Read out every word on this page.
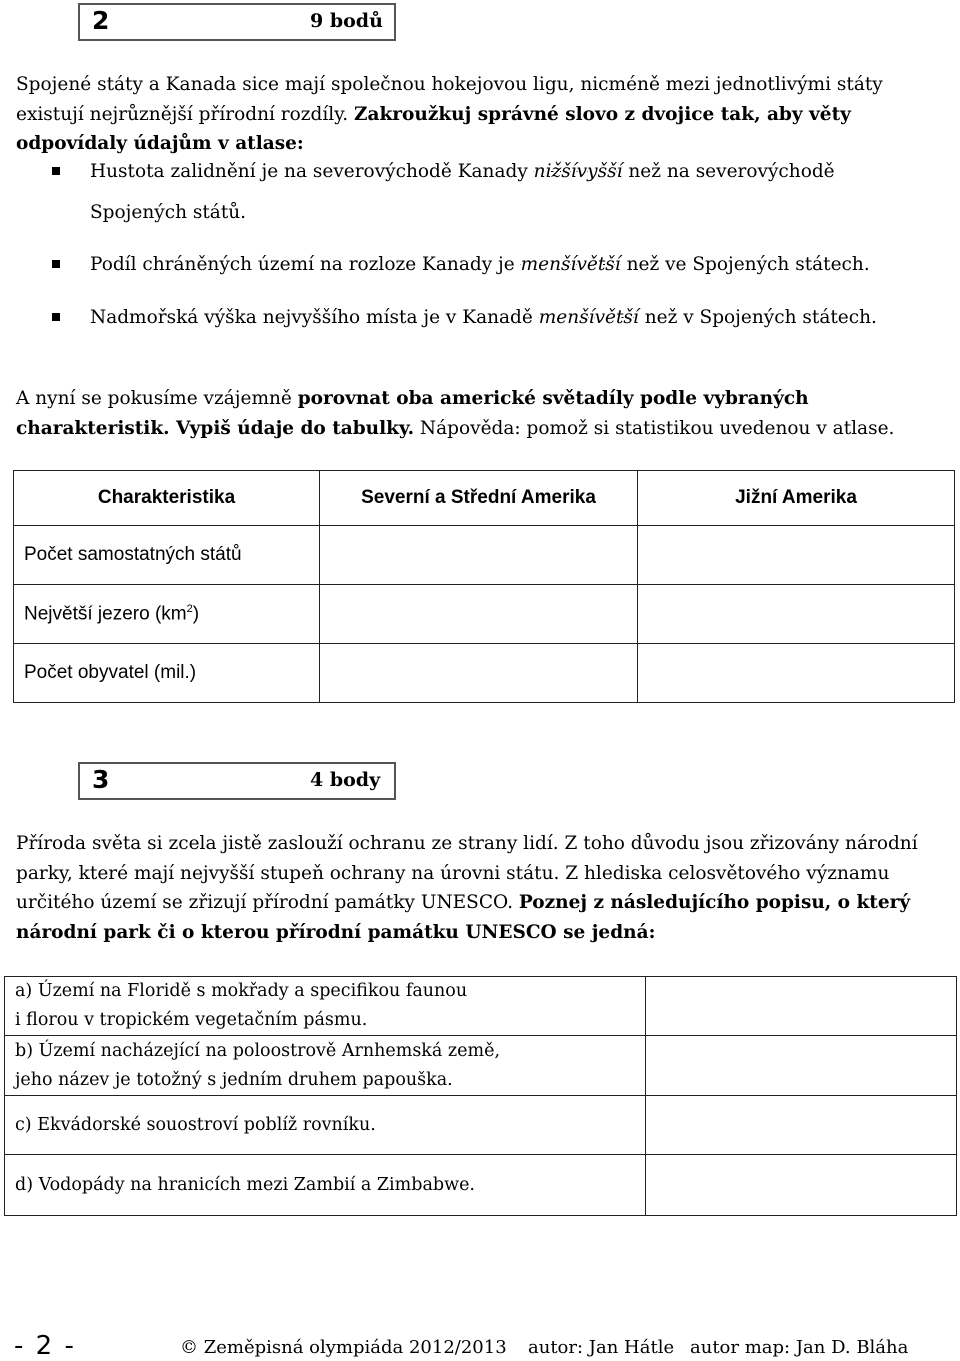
2	9 bodů

Spojené státy a Kanada sice mají společnou hokejovou ligu, nicméně mezi jednotlivými státy existují nejrůznější přírodní rozdíly. Zakroužkuj správné slovo z dvojice tak, aby věty odpovídaly údajům v atlase:

Hustota zalidnění je na severovýchodě Kanady nižšívyšší než na severovýchodě
Spojených států.
Podíl chráněných území na rozloze Kanady je menšívětší než ve Spojených státech.
Nadmořská výška nejvyššího místa je v Kanadě menšívětší než v Spojených státech.

A nyní se pokusíme vzájemně porovnat oba americké světadíly podle vybraných charakteristik. Vypiš údaje do tabulky. Nápověda: pomož si statistikou uvedenou v atlase.

Charakteristika	Severní a Střední Amerika	Jižní Amerika
Počet samostatných států		
Největší jezero $(km^2)$		
Počet obyvatel (mil.)		
3	4 body

Příroda světa si zcela jistě zaslouží ochranu ze strany lidí. Z toho důvodu jsou zřizovány národní parky, které mají nejvyšší stupeň ochrany na úrovni státu. Z hlediska celosvětového významu určitého území se zřizují přírodní památky UNESCO. Poznej z následujícího popisu, o který národní park či o kterou přírodní památku UNESCO se jedná:

a) Území na Floridě s mokřady a specifikou faunou
i florou v tropickém vegetačním pásmu.	
b) Území nacházející na poloostrově Arnhemská země,
jeho název je totožný s jedním druhem papouška.	
c) Ekvádorské souostroví poblíž rovníku.	
d) Vodopády na hranicích mezi Zambií a Zimbabwe.	
- 2 -	© Zeměpisná olympiáda 2012/2013 autor: Jan Hátle autor map: Jan D. Bláha
